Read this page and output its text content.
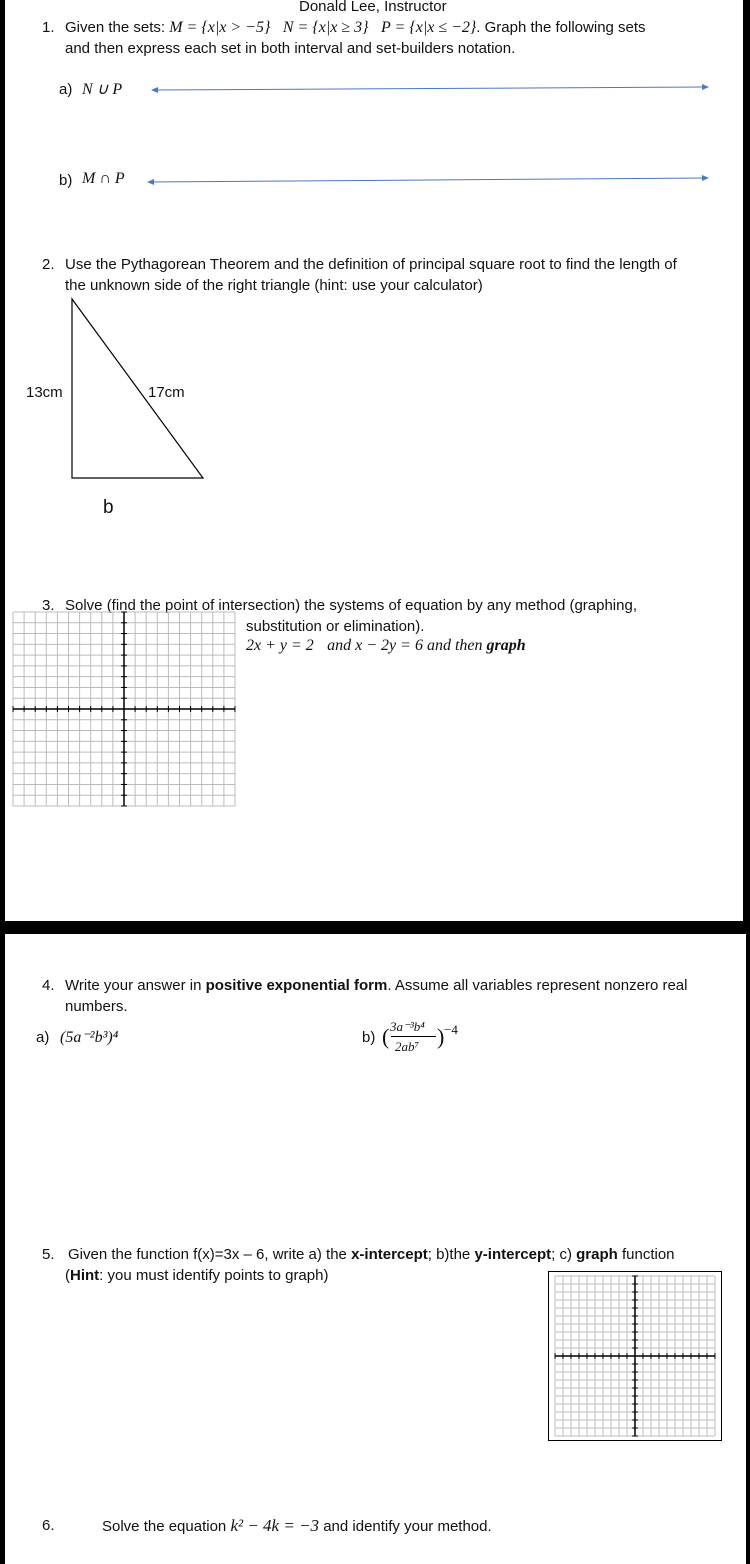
Donald Lee, Instructor
1. Given the sets: M = {x|x > −5} N = {x|x ≥ 3} P = {x|x ≤ −2}. Graph the following sets
and then express each set in both interval and set-builders notation.
a) N ∪ P
b) M ∩ P
2. Use the Pythagorean Theorem and the definition of principal square root to find the length of
the unknown side of the right triangle (hint: use your calculator)
13cm	17cm
b
3. Solve (find the point of intersection) the systems of equation by any method (graphing,
substitution or elimination).
2x + y = 2 and x − 2y = 6 and then graph
4. Write your answer in positive exponential form. Assume all variables represent nonzero real
numbers.
a) (5a⁻²b³)⁴	b) ( 3a⁻³b⁴
2ab⁷ ) −4
5. Given the function f(x)=3x – 6, write a) the x-intercept; b)the y-intercept; c) graph function
(Hint: you must identify points to graph)
6.	Solve the equation k² − 4k = −3 and identify your method.
